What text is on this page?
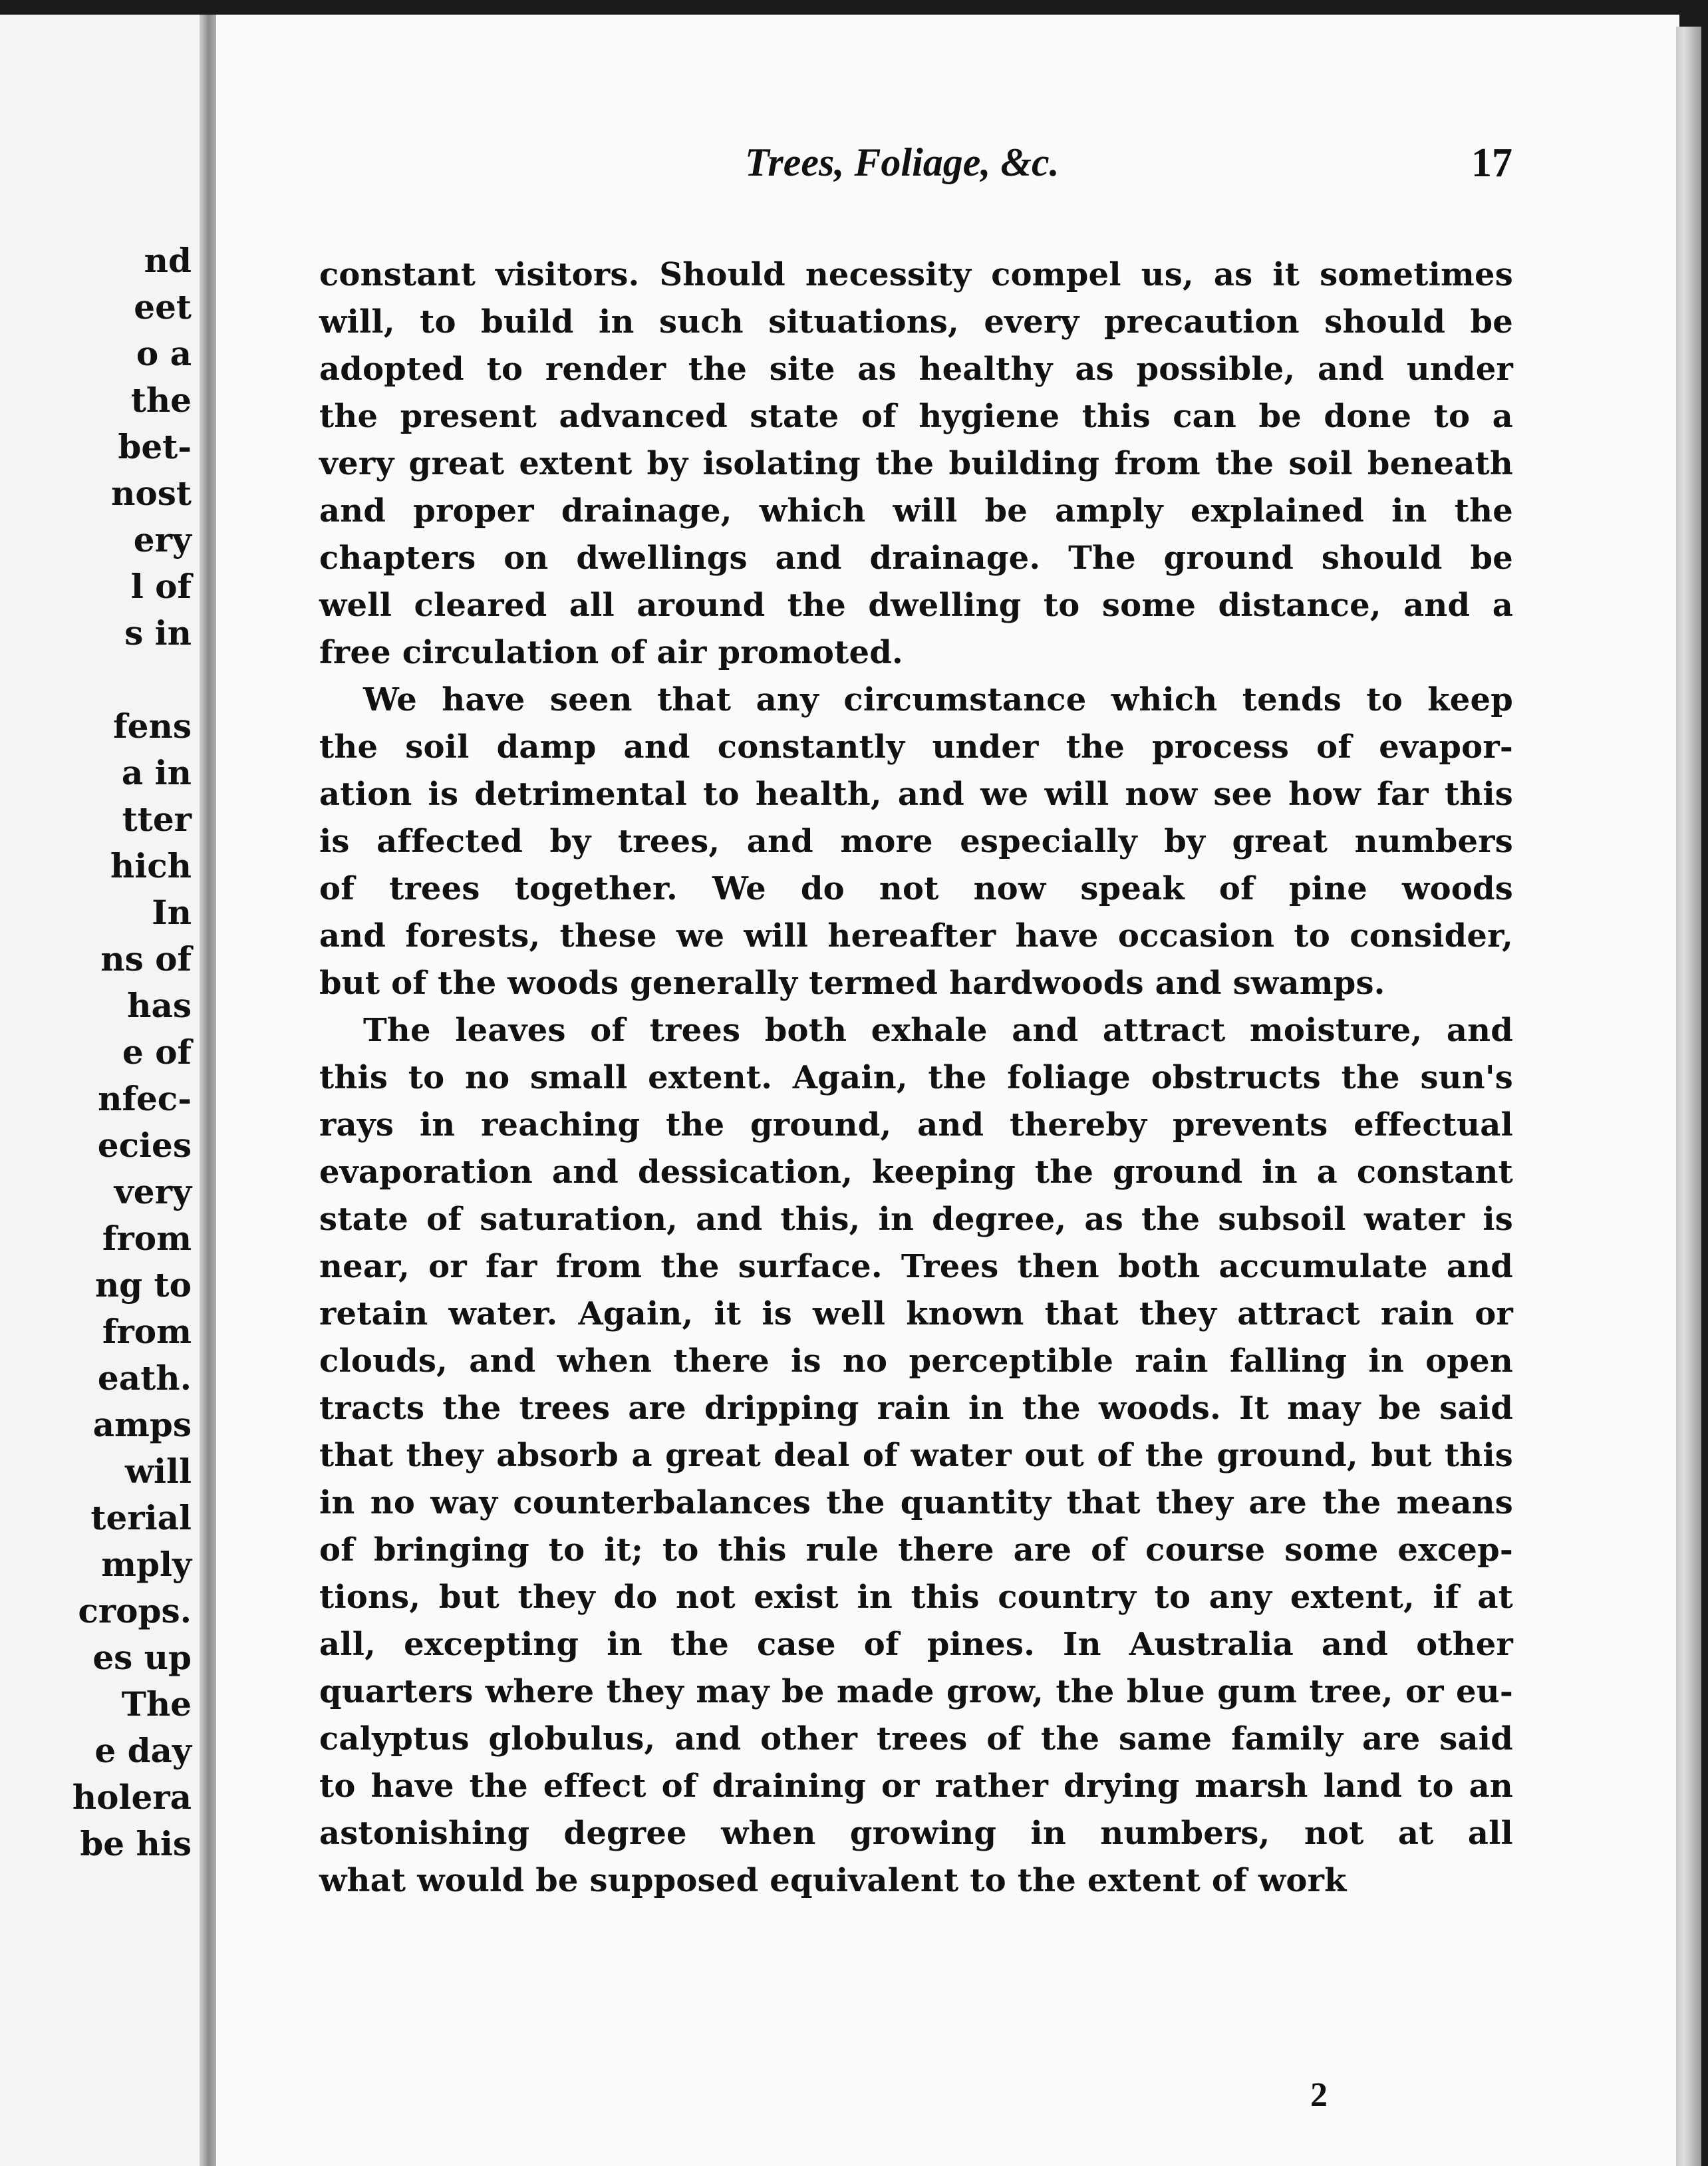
nd
eet
o a
the
bet-
nost
ery
l of
s in

fens
a in
tter
hich
In
ns of
has
e of
nfec-
ecies
very
from
ng to
from
eath.
amps
will
terial
mply
crops.
es up
The
e day
holera
be his
Trees, Foliage, &c.	17

constant visitors. Should necessity compel us, as it sometimes
will, to build in such situations, every precaution should be
adopted to render the site as healthy as possible, and under
the present advanced state of hygiene this can be done to a
very great extent by isolating the building from the soil beneath
and proper drainage, which will be amply explained in the
chapters on dwellings and drainage. The ground should be
well cleared all around the dwelling to some distance, and a
free circulation of air promoted.

We have seen that any circumstance which tends to keep
the soil damp and constantly under the process of evapor-
ation is detrimental to health, and we will now see how far this
is affected by trees, and more especially by great numbers
of trees together. We do not now speak of pine woods
and forests, these we will hereafter have occasion to consider,
but of the woods generally termed hardwoods and swamps.

The leaves of trees both exhale and attract moisture, and
this to no small extent. Again, the foliage obstructs the sun's
rays in reaching the ground, and thereby prevents effectual
evaporation and dessication, keeping the ground in a constant
state of saturation, and this, in degree, as the subsoil water is
near, or far from the surface. Trees then both accumulate and
retain water. Again, it is well known that they attract rain or
clouds, and when there is no perceptible rain falling in open
tracts the trees are dripping rain in the woods. It may be said
that they absorb a great deal of water out of the ground, but this
in no way counterbalances the quantity that they are the means
of bringing to it; to this rule there are of course some excep-
tions, but they do not exist in this country to any extent, if at
all, excepting in the case of pines. In Australia and other
quarters where they may be made grow, the blue gum tree, or eu-
calyptus globulus, and other trees of the same family are said
to have the effect of draining or rather drying marsh land to an
astonishing degree when growing in numbers, not at all
what would be supposed equivalent to the extent of work

2
